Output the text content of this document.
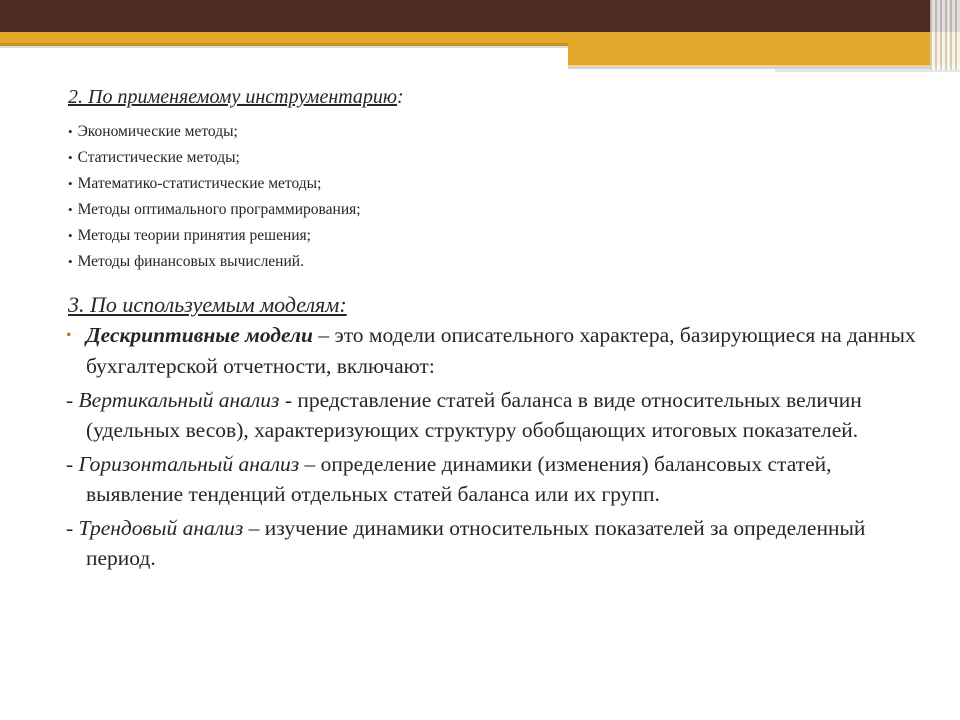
2. По применяемому инструментарию:
• Экономические методы;
• Статистические методы;
• Математико-статистические методы;
• Методы оптимального программирования;
• Методы теории принятия решения;
• Методы финансовых вычислений.
3. По используемым моделям:

• Дескриптивные модели – это модели описательного характера, базирующиеся на данных бухгалтерской отчетности, включают:

- Вертикальный анализ - представление статей баланса в виде относительных величин (удельных весов), характеризующих структуру обобщающих итоговых показателей.

- Горизонтальный анализ – определение динамики (изменения) балансовых статей, выявление тенденций отдельных статей баланса или их групп.

- Трендовый анализ – изучение динамики относительных показателей за определенный период.
